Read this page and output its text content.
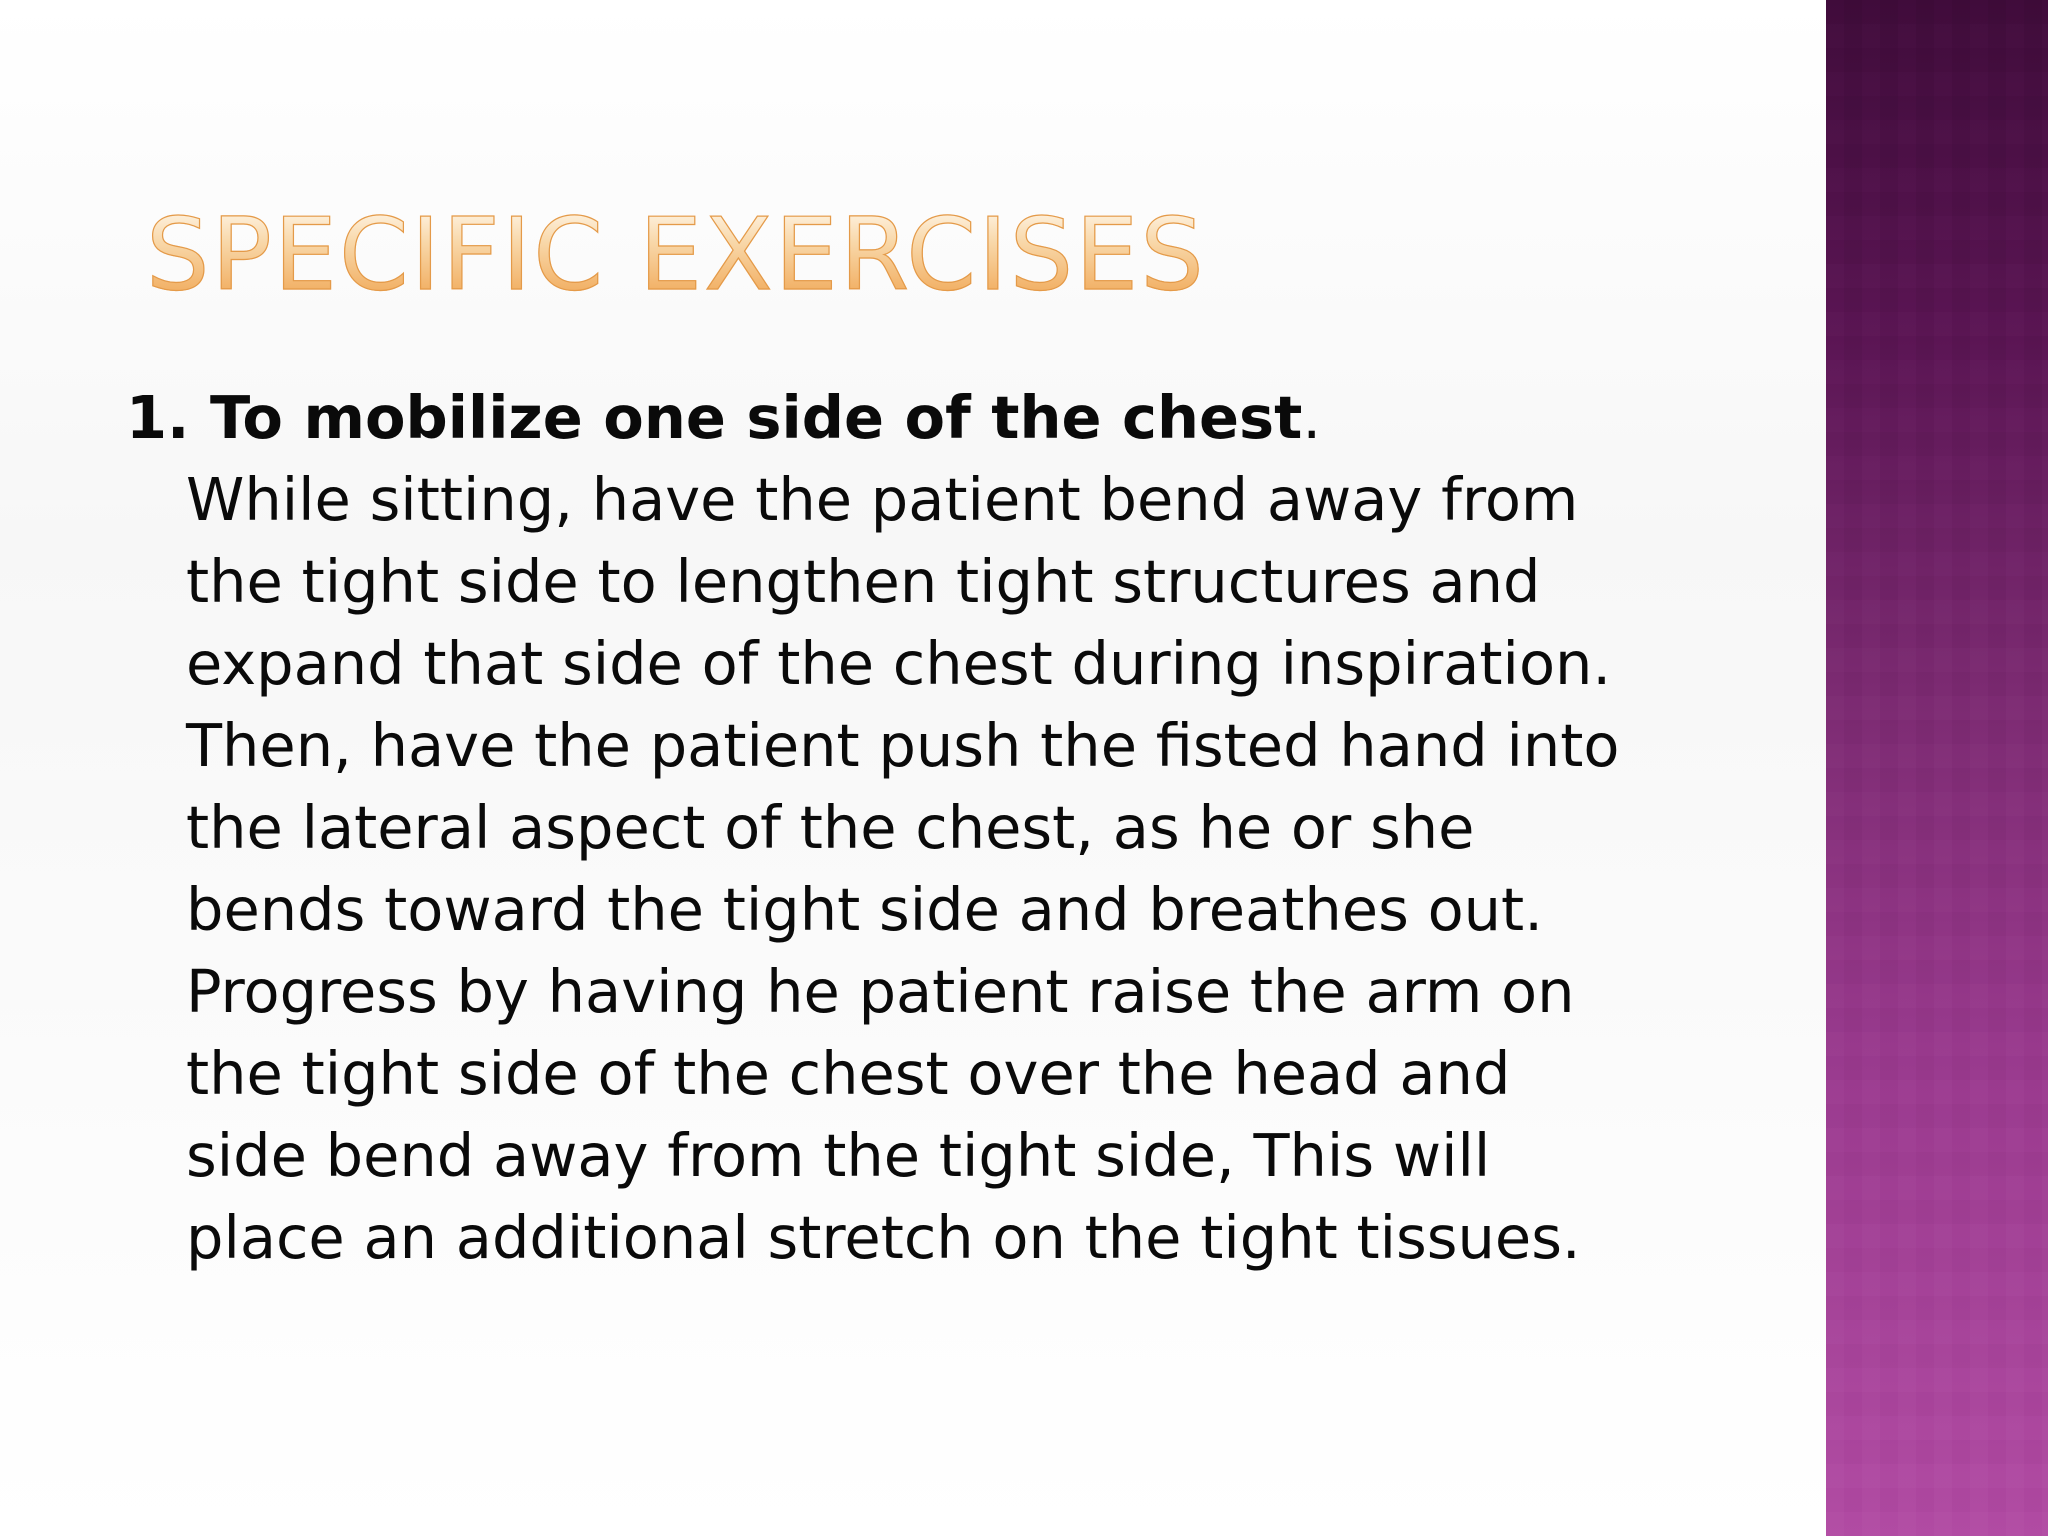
SPECIFIC EXERCISES

1. To mobilize one side of the chest.

While sitting, have the patient bend away from
the tight side to lengthen tight structures and
expand that side of the chest during inspiration.
Then, have the patient push the fisted hand into
the lateral aspect of the chest, as he or she
bends toward the tight side and breathes out.
Progress by having he patient raise the arm on
the tight side of the chest over the head and
side bend away from the tight side, This will
place an additional stretch on the tight tissues.
